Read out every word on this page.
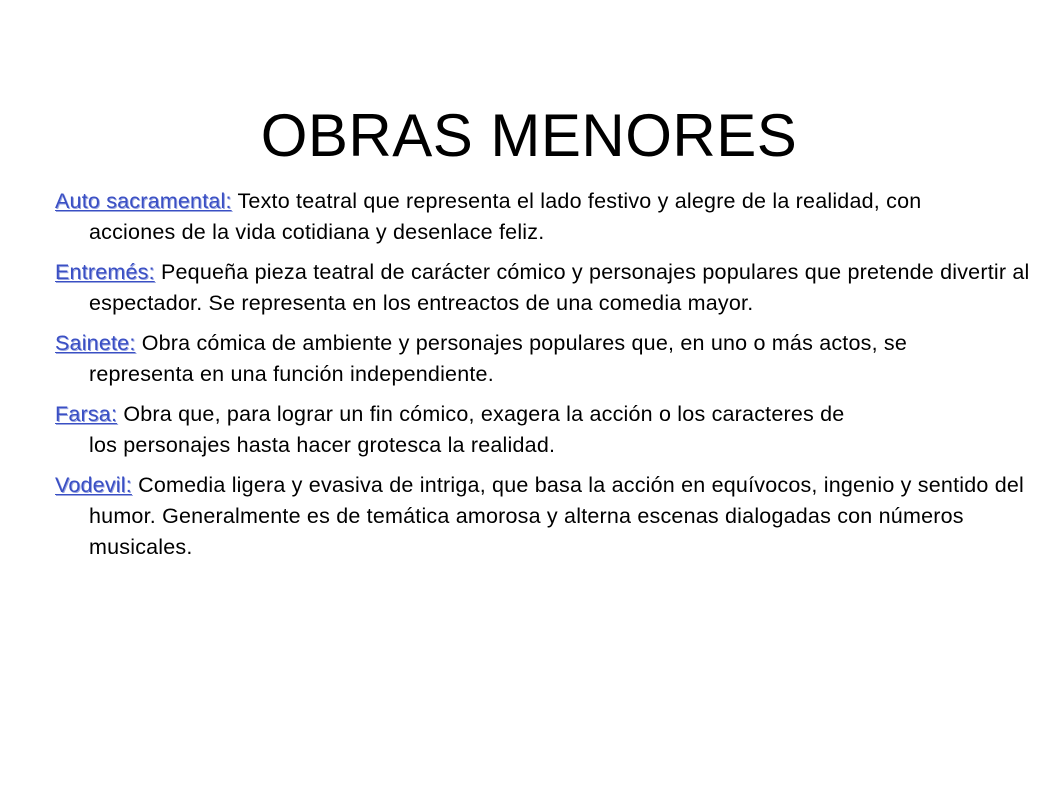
OBRAS MENORES

Auto sacramental: Texto teatral que representa el lado festivo y alegre de la realidad, con acciones de la vida cotidiana y desenlace feliz.

Entremés: Pequeña pieza teatral de carácter cómico y personajes populares que pretende divertir al espectador. Se representa en los entreactos de una comedia mayor.

Sainete: Obra cómica de ambiente y personajes populares que, en uno o más actos, se representa en una función independiente.

Farsa: Obra que, para lograr un fin cómico, exagera la acción o los caracteres de los personajes hasta hacer grotesca la realidad.

Vodevil: Comedia ligera y evasiva de intriga, que basa la acción en equívocos, ingenio y sentido del humor. Generalmente es de temática amorosa y alterna escenas dialogadas con números musicales.
